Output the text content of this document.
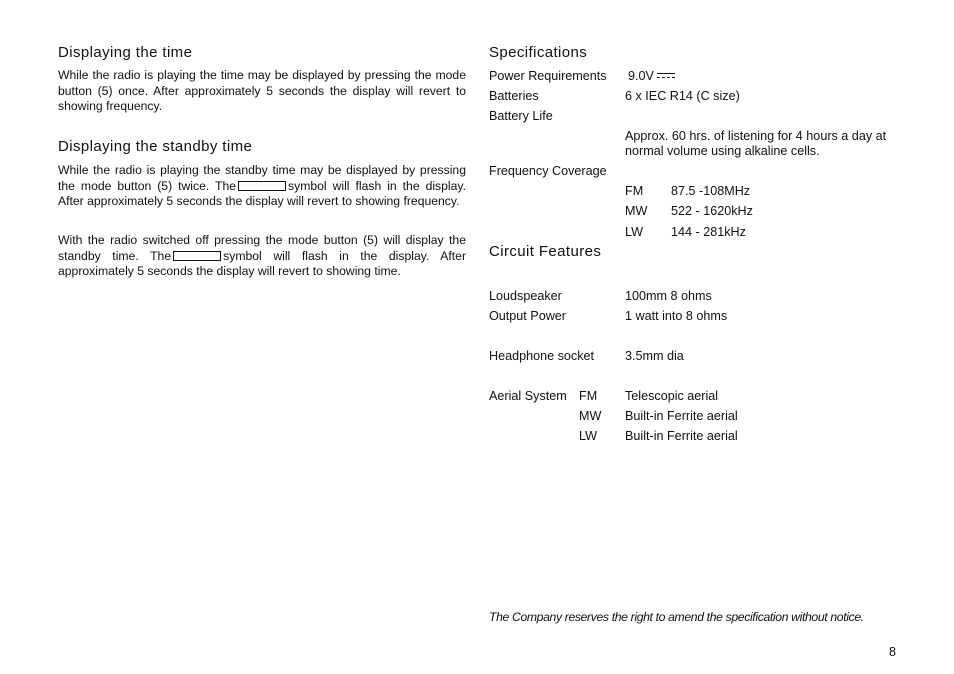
Displaying the time
While the radio is playing the time may be displayed by pressing the mode button (5) once. After approximately 5 seconds the display will revert to showing frequency.
Displaying the standby time
While the radio is playing the standby time may be displayed by pressing the mode button (5) twice. The	symbol will flash in the display. After approximately 5 seconds the display will revert to showing frequency.
With the radio switched off pressing the mode button (5) will display the standby time. The	symbol will flash in the display. After approximately 5 seconds the display will revert to showing time.
Specifications
Power Requirements 9.0V
Batteries	6 x IEC R14 (C size)
Battery Life
Approx. 60 hrs. of listening for 4 hours a day at
normal volume using alkaline cells.
Frequency Coverage
FM 87.5 -108MHz
MW 522 - 1620kHz
LW 144 - 281kHz
Circuit Features
Loudspeaker	100mm 8 ohms
Output Power	1 watt into 8 ohms
Headphone socket 3.5mm dia
Aerial System FM Telescopic aerial
MW Built-in Ferrite aerial
LW Built-in Ferrite aerial
The Company reserves the right to amend the specification without notice.
8
